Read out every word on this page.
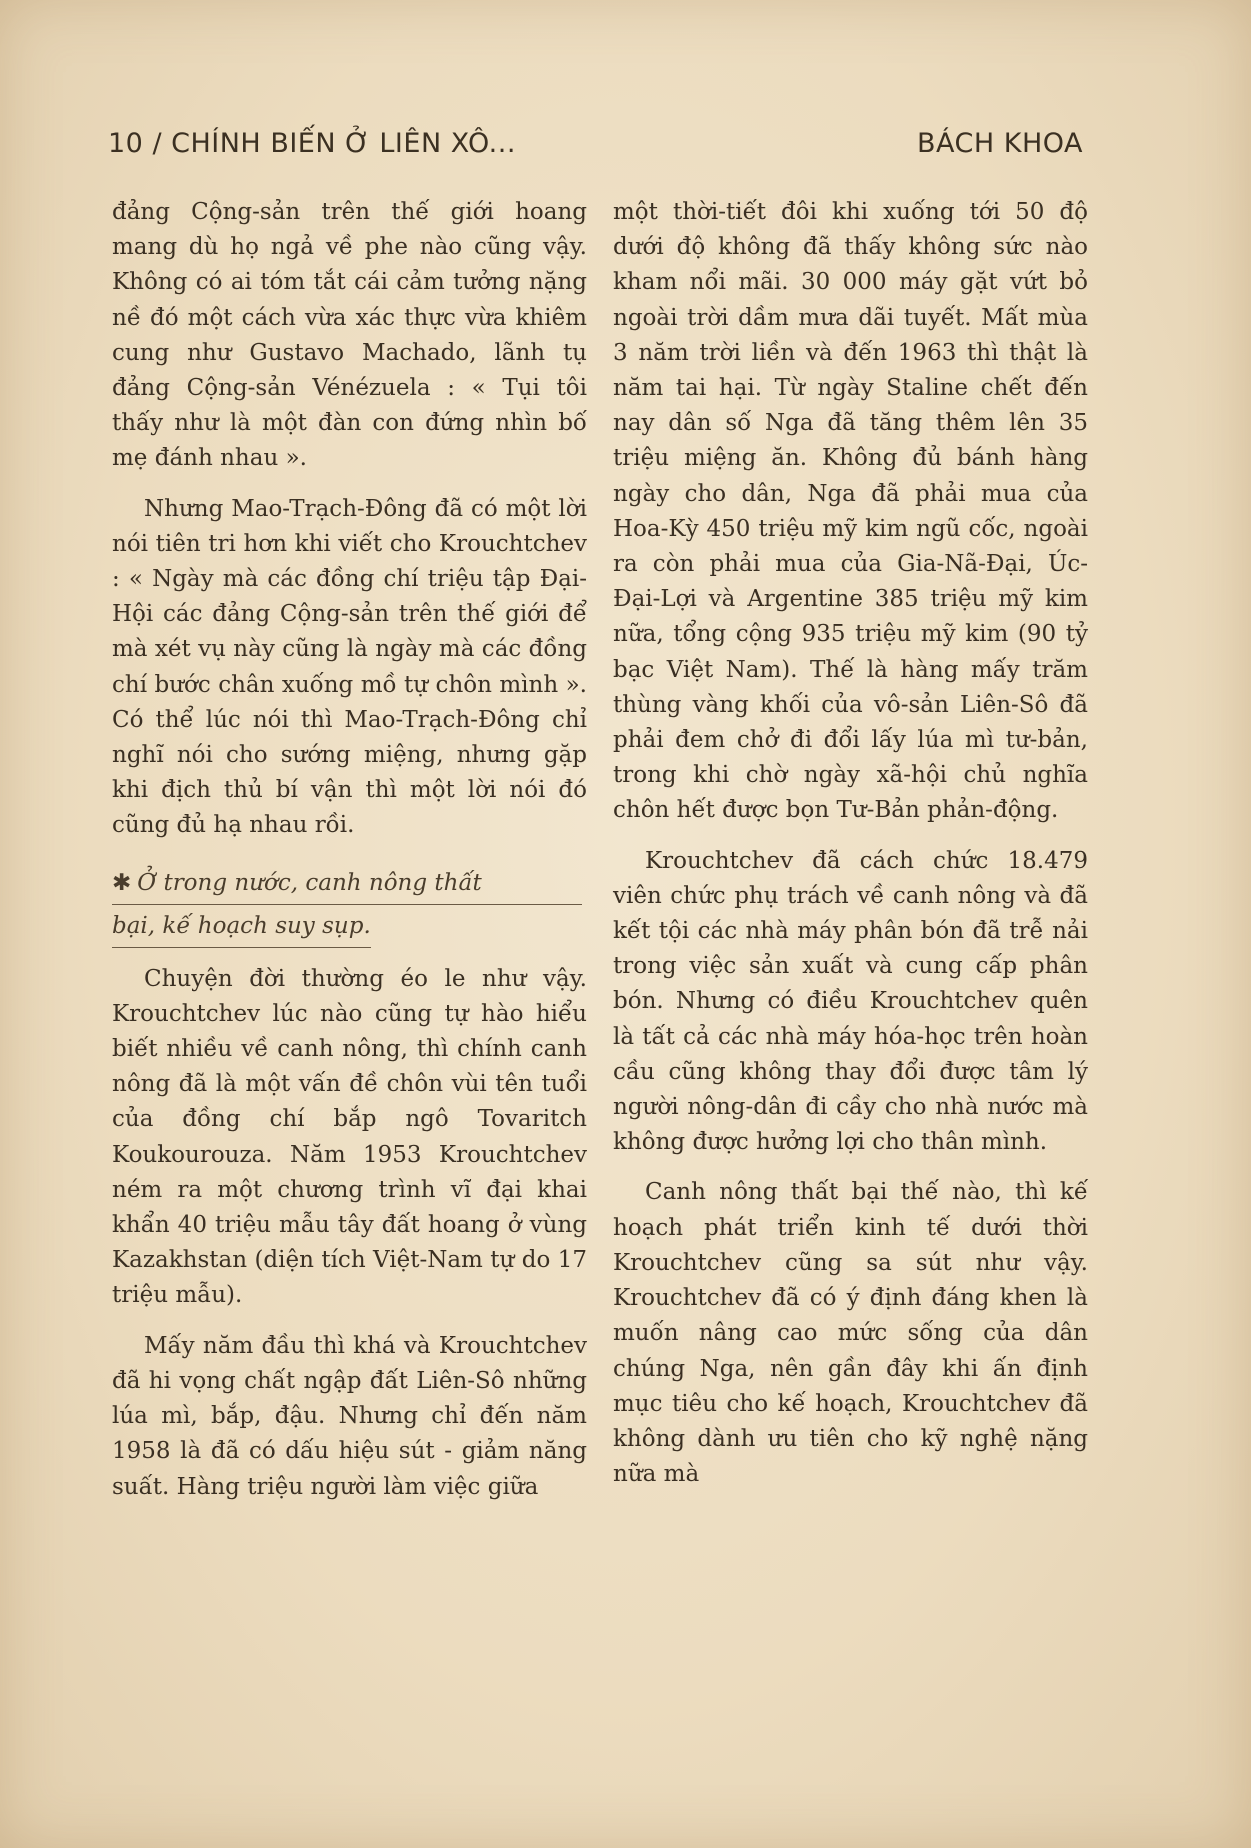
10 / CHÍNH BIẾN Ở LIÊN XÔ...	BÁCH KHOA

đảng Cộng-sản trên thế giới hoang mang dù họ ngả về phe nào cũng vậy. Không có ai tóm tắt cái cảm tưởng nặng nề đó một cách vừa xác thực vừa khiêm cung như Gustavo Machado, lãnh tụ đảng Cộng-sản Vénézuela : « Tụi tôi thấy như là một đàn con đứng nhìn bố mẹ đánh nhau ».

Nhưng Mao-Trạch-Đông đã có một lời nói tiên tri hơn khi viết cho Krouchtchev : « Ngày mà các đồng chí triệu tập Đại-Hội các đảng Cộng-sản trên thế giới để mà xét vụ này cũng là ngày mà các đồng chí bước chân xuống mồ tự chôn mình ». Có thể lúc nói thì Mao-Trạch-Đông chỉ nghĩ nói cho sướng miệng, nhưng gặp khi địch thủ bí vận thì một lời nói đó cũng đủ hạ nhau rồi.

✱ Ở trong nước, canh nông thất
bại, kế hoạch suy sụp.

Chuyện đời thường éo le như vậy. Krouchtchev lúc nào cũng tự hào hiểu biết nhiều về canh nông, thì chính canh nông đã là một vấn đề chôn vùi tên tuổi của đồng chí bắp ngô Tovaritch Koukourouza. Năm 1953 Krouchtchev ném ra một chương trình vĩ đại khai khẩn 40 triệu mẫu tây đất hoang ở vùng Kazakhstan (diện tích Việt-Nam tự do 17 triệu mẫu).

Mấy năm đầu thì khá và Krouchtchev đã hi vọng chất ngập đất Liên-Sô những lúa mì, bắp, đậu. Nhưng chỉ đến năm 1958 là đã có dấu hiệu sút - giảm năng suất. Hàng triệu người làm việc giữa

một thời-tiết đôi khi xuống tới 50 độ dưới độ không đã thấy không sức nào kham nổi mãi. 30 000 máy gặt vứt bỏ ngoài trời dầm mưa dãi tuyết. Mất mùa 3 năm trời liền và đến 1963 thì thật là năm tai hại. Từ ngày Staline chết đến nay dân số Nga đã tăng thêm lên 35 triệu miệng ăn. Không đủ bánh hàng ngày cho dân, Nga đã phải mua của Hoa-Kỳ 450 triệu mỹ kim ngũ cốc, ngoài ra còn phải mua của Gia-Nã-Đại, Úc-Đại-Lợi và Argentine 385 triệu mỹ kim nữa, tổng cộng 935 triệu mỹ kim (90 tỷ bạc Việt Nam). Thế là hàng mấy trăm thùng vàng khối của vô-sản Liên-Sô đã phải đem chở đi đổi lấy lúa mì tư-bản, trong khi chờ ngày xã-hội chủ nghĩa chôn hết được bọn Tư-Bản phản-động.

Krouchtchev đã cách chức 18.479 viên chức phụ trách về canh nông và đã kết tội các nhà máy phân bón đã trễ nải trong việc sản xuất và cung cấp phân bón. Nhưng có điều Krouchtchev quên là tất cả các nhà máy hóa-học trên hoàn cầu cũng không thay đổi được tâm lý người nông-dân đi cầy cho nhà nước mà không được hưởng lợi cho thân mình.

Canh nông thất bại thế nào, thì kế hoạch phát triển kinh tế dưới thời Krouchtchev cũng sa sút như vậy. Krouchtchev đã có ý định đáng khen là muốn nâng cao mức sống của dân chúng Nga, nên gần đây khi ấn định mục tiêu cho kế hoạch, Krouchtchev đã không dành ưu tiên cho kỹ nghệ nặng nữa mà
